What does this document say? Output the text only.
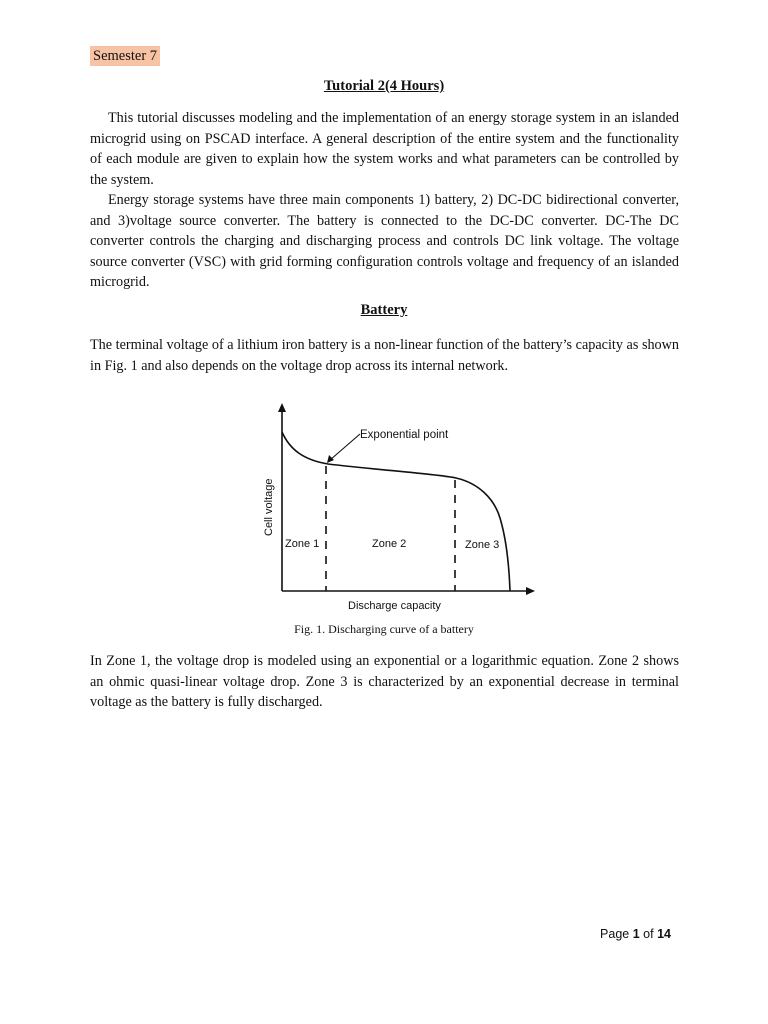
Semester 7
Tutorial 2(4 Hours)

This tutorial discusses modeling and the implementation of an energy storage system in an islanded microgrid using on PSCAD interface. A general description of the entire system and the functionality of each module are given to explain how the system works and what parameters can be controlled by the system.

Energy storage systems have three main components 1) battery, 2) DC-DC bidirectional converter, and 3)voltage source converter. The battery is connected to the DC-DC converter. DC-The DC converter controls the charging and discharging process and controls DC link voltage. The voltage source converter (VSC) with grid forming configuration controls voltage and frequency of an islanded microgrid.

Battery

The terminal voltage of a lithium iron battery is a non-linear function of the battery’s capacity as shown in Fig. 1 and also depends on the voltage drop across its internal network.

Exponential point
Zone 1	Zone 2	Zone 3
Cell voltage
Discharge capacity
Fig. 1. Discharging curve of a battery

In Zone 1, the voltage drop is modeled using an exponential or a logarithmic equation. Zone 2 shows an ohmic quasi-linear voltage drop. Zone 3 is characterized by an exponential decrease in terminal voltage as the battery is fully discharged.

Page 1 of 14
